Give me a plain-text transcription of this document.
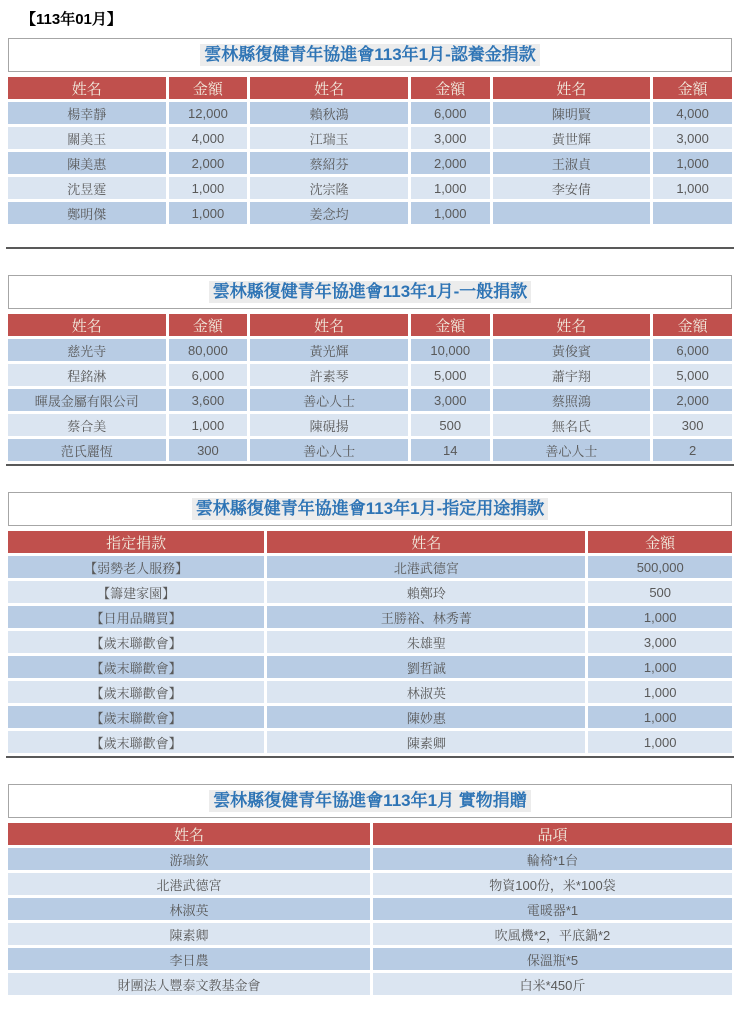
【113年01月】
雲林縣復健青年協進會113年1月-認養金捐款
姓名	金額	姓名	金額	姓名	金額
楊幸靜	12,000	賴秋鴻	6,000	陳明賢	4,000
關美玉	4,000	江瑞玉	3,000	黃世輝	3,000
陳美惠	2,000	蔡紹芬	2,000	王淑貞	1,000
沈昱霆	1,000	沈宗隆	1,000	李安倩	1,000
鄭明傑	1,000	姜念均	1,000		
雲林縣復健青年協進會113年1月-一般捐款
姓名	金額	姓名	金額	姓名	金額
慈光寺	80,000	黃光輝	10,000	黃俊賓	6,000
程銘淋	6,000	許素琴	5,000	蕭宇翔	5,000
暉晟金屬有限公司	3,600	善心人士	3,000	蔡照鴻	2,000
蔡合美	1,000	陳硯揚	500	無名氏	300
范氏麗恆	300	善心人士	14	善心人士	2
雲林縣復健青年協進會113年1月-指定用途捐款
指定捐款	姓名	金額
【弱勢老人服務】	北港武德宮	500,000
【籌建家園】	賴鄭玲	500
【日用品購買】	王勝裕、林秀菁	1,000
【歲末聯歡會】	朱雄聖	3,000
【歲末聯歡會】	劉哲誠	1,000
【歲末聯歡會】	林淑英	1,000
【歲末聯歡會】	陳妙惠	1,000
【歲末聯歡會】	陳素卿	1,000
雲林縣復健青年協進會113年1月 實物捐贈
姓名	品項
游瑞欽	輪椅*1台
北港武德宮	物資100份，米*100袋
林淑英	電暖器*1
陳素卿	吹風機*2，平底鍋*2
李日農	保溫瓶*5
財團法人豐泰文教基金會	白米*450斤
